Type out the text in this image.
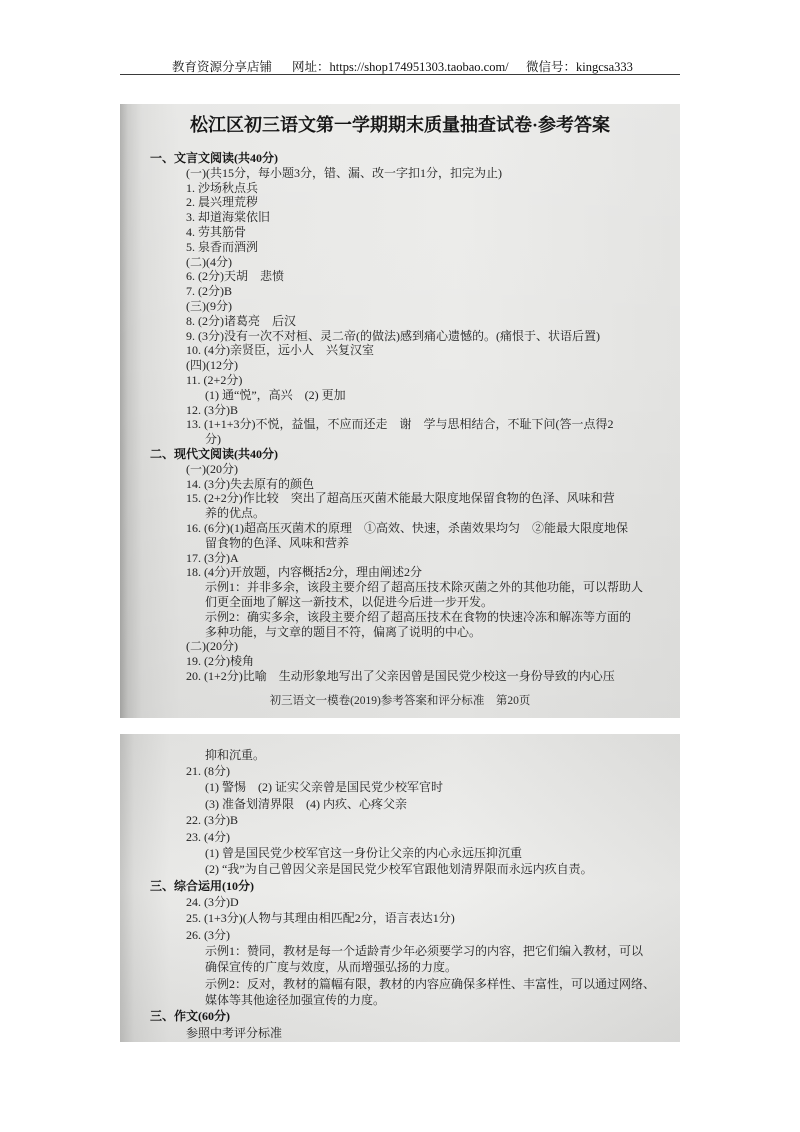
教育资源分享店铺 网址：https://shop174951303.taobao.com/ 微信号：kingcsa333
松江区初三语文第一学期期末质量抽查试卷·参考答案
一、文言文阅读(共40分)
(一)(共15分，每小题3分，错、漏、改一字扣1分，扣完为止)
1. 沙场秋点兵
2. 晨兴理荒秽
3. 却道海棠依旧
4. 劳其筋骨
5. 泉香而酒洌
(二)(4分)
6. (2分)天胡　悲愤
7. (2分)B
(三)(9分)
8. (2分)诸葛亮　后汉
9. (3分)没有一次不对桓、灵二帝(的做法)感到痛心遗憾的。(痛恨于、状语后置)
10. (4分)亲贤臣，远小人　兴复汉室
(四)(12分)
11. (2+2分)
(1) 通“悦”，高兴　(2) 更加
12. (3分)B
13. (1+1+3分)不悦，益愠，不应而还走　谢　学与思相结合，不耻下问(答一点得2
分)
二、现代文阅读(共40分)
(一)(20分)
14. (3分)失去原有的颜色
15. (2+2分)作比较　突出了超高压灭菌术能最大限度地保留食物的色泽、风味和营
养的优点。
16. (6分)(1)超高压灭菌术的原理　①高效、快速，杀菌效果均匀　②能最大限度地保
留食物的色泽、风味和营养
17. (3分)A
18. (4分)开放题，内容概括2分，理由阐述2分
示例1：并非多余，该段主要介绍了超高压技术除灭菌之外的其他功能，可以帮助人
们更全面地了解这一新技术，以促进今后进一步开发。
示例2：确实多余，该段主要介绍了超高压技术在食物的快速冷冻和解冻等方面的
多种功能，与文章的题目不符，偏离了说明的中心。
(二)(20分)
19. (2分)棱角
20. (1+2分)比喻　生动形象地写出了父亲因曾是国民党少校这一身份导致的内心压
初三语文一模卷(2019)参考答案和评分标准　第20页
抑和沉重。
21. (8分)
(1) 警惕　(2) 证实父亲曾是国民党少校军官时
(3) 准备划清界限　(4) 内疚、心疼父亲
22. (3分)B
23. (4分)
(1) 曾是国民党少校军官这一身份让父亲的内心永远压抑沉重
(2) “我”为自己曾因父亲是国民党少校军官跟他划清界限而永远内疚自责。
三、综合运用(10分)
24. (3分)D
25. (1+3分)(人物与其理由相匹配2分，语言表达1分)
26. (3分)
示例1：赞同，教材是每一个适龄青少年必须要学习的内容，把它们编入教材，可以
确保宣传的广度与效度，从而增强弘扬的力度。
示例2：反对，教材的篇幅有限，教材的内容应确保多样性、丰富性，可以通过网络、
媒体等其他途径加强宣传的力度。
三、作文(60分)
参照中考评分标准
